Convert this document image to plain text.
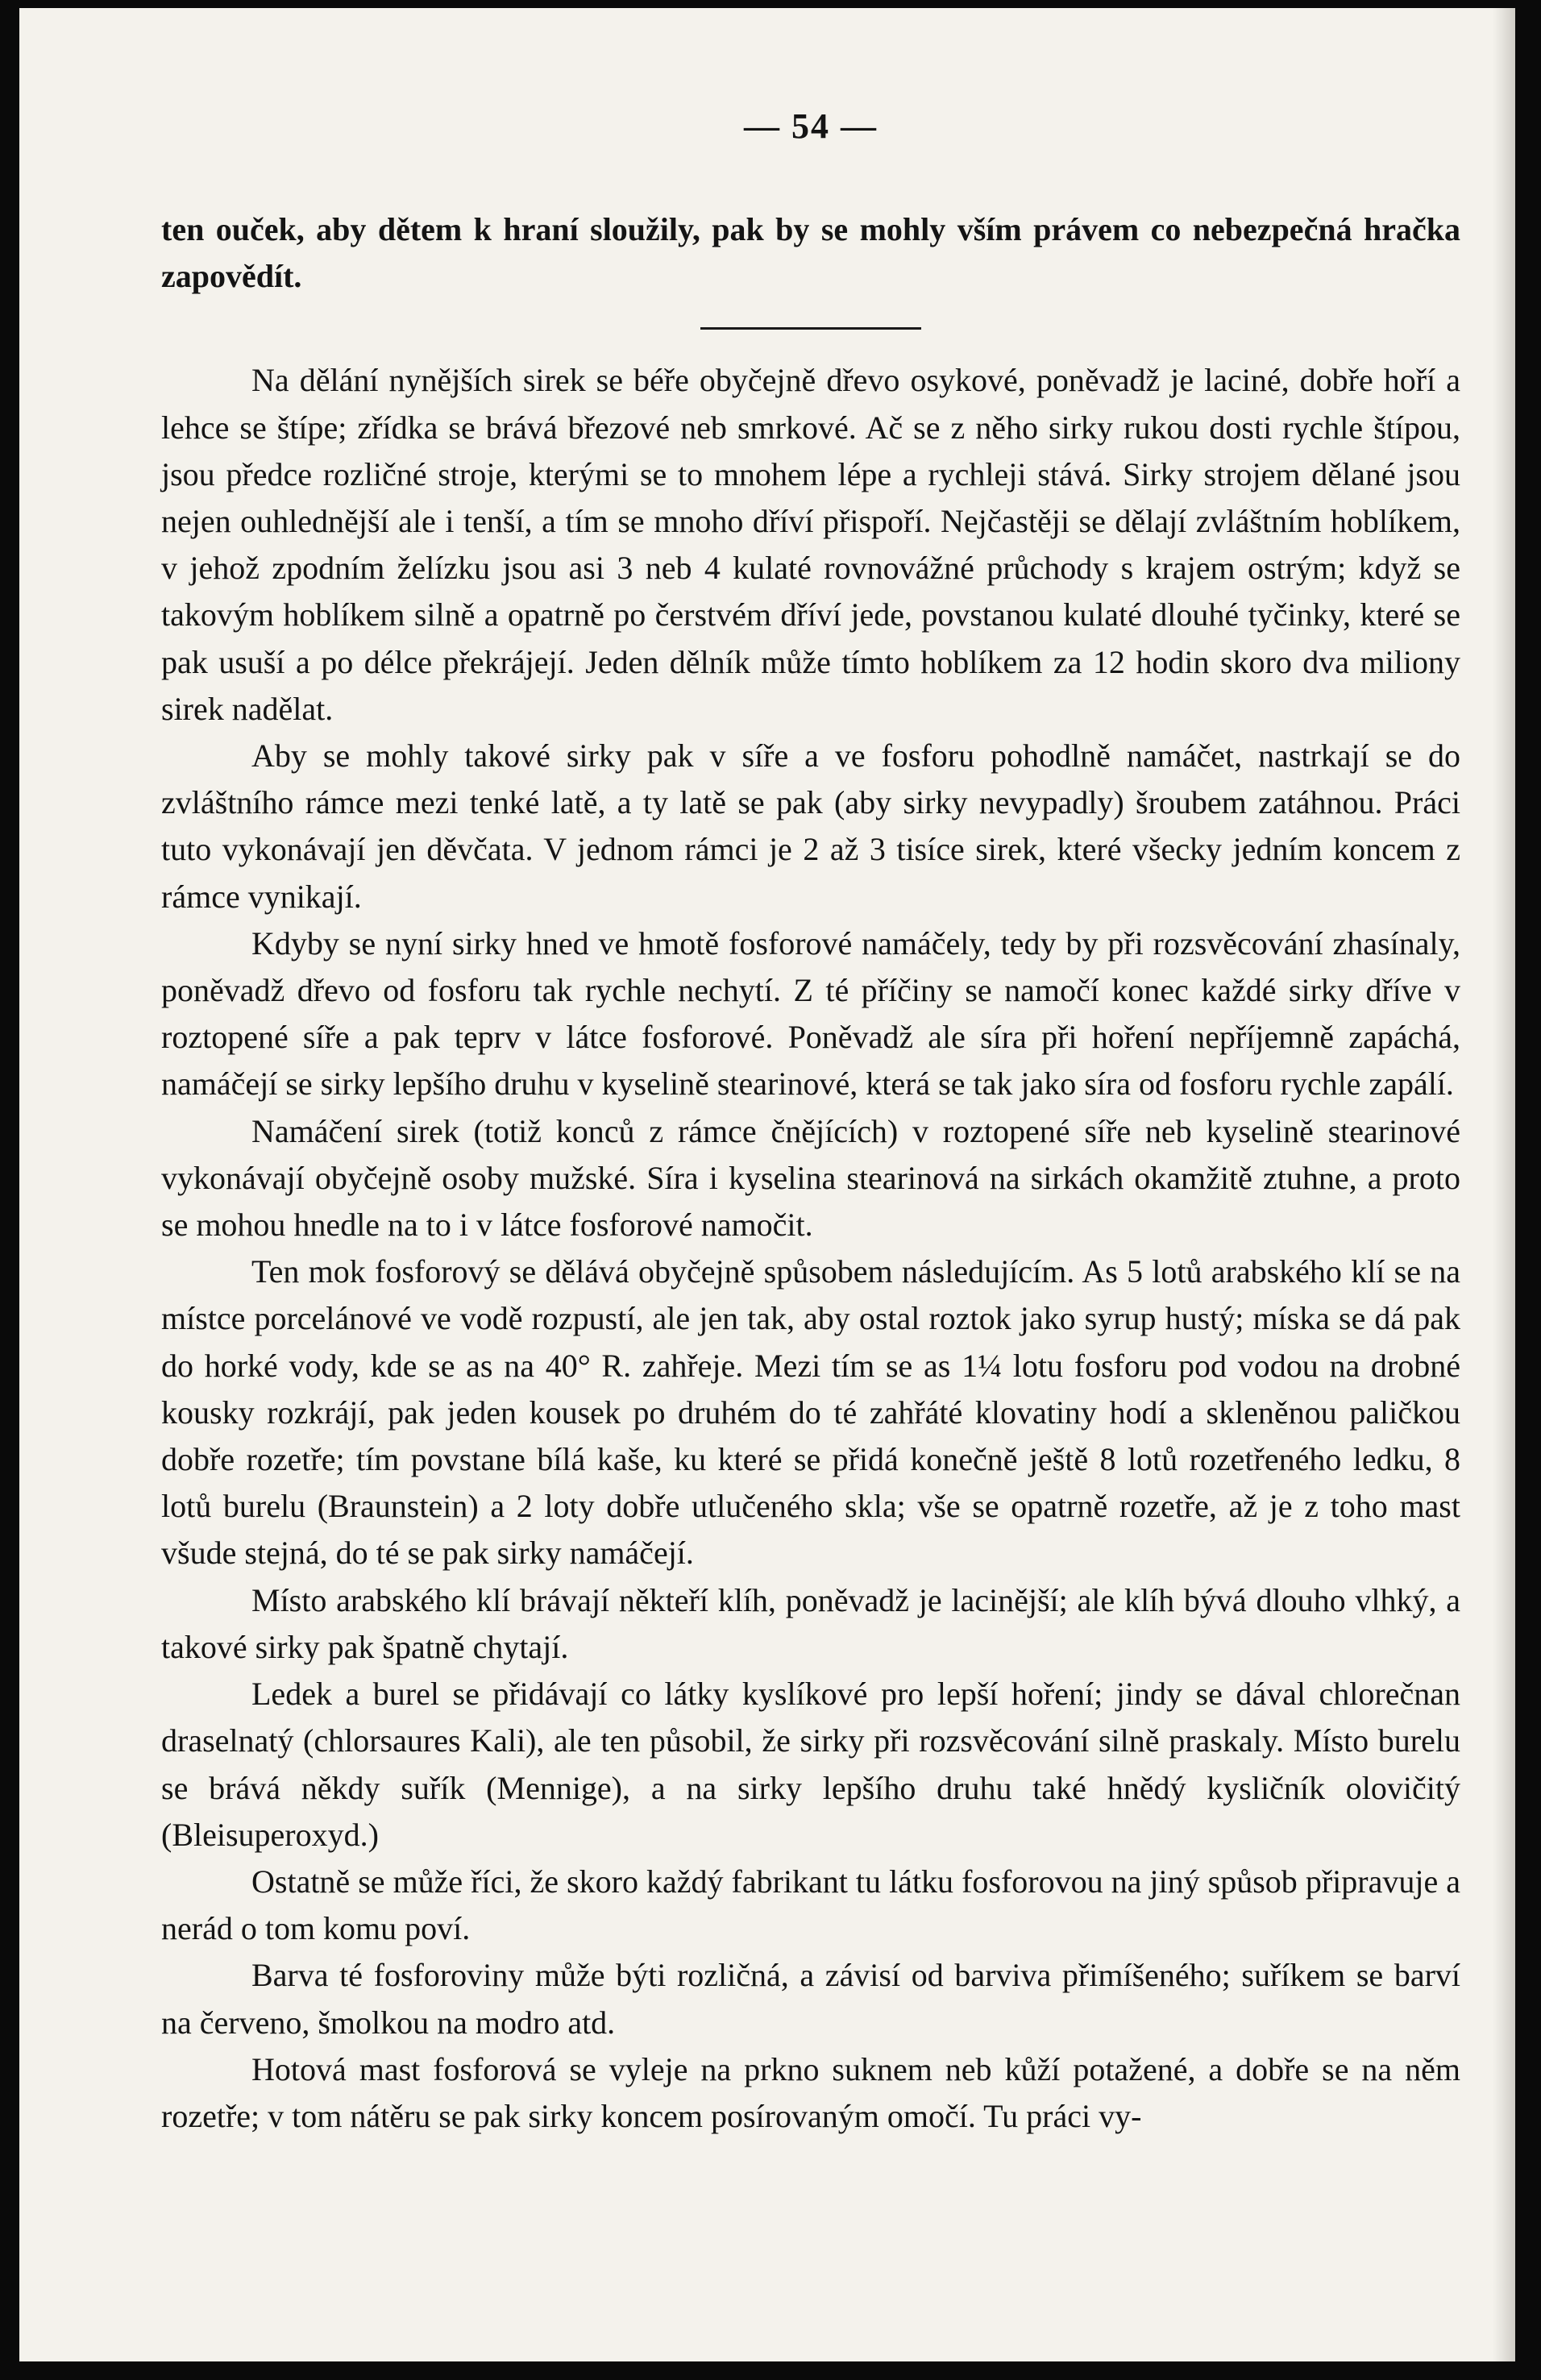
— 54 —

ten ouček, aby dětem k hraní sloužily, pak by se mohly vším právem co nebezpečná hračka zapovědít.

Na dělání nynějších sirek se béře obyčejně dřevo osykové, poněvadž je laciné, dobře hoří a lehce se štípe; zřídka se brává březové neb smrkové. Ač se z něho sirky rukou dosti rychle štípou, jsou předce rozličné stroje, kterými se to mnohem lépe a rychleji stává. Sirky strojem dělané jsou nejen ouhlednější ale i tenší, a tím se mnoho dříví přispoří. Nejčastěji se dělají zvláštním hoblíkem, v jehož zpodním želízku jsou asi 3 neb 4 kulaté rovnovážné průchody s krajem ostrým; když se takovým hoblíkem silně a opatrně po čerstvém dříví jede, povstanou kulaté dlouhé tyčinky, které se pak usuší a po délce překrájejí. Jeden dělník může tímto hoblíkem za 12 hodin skoro dva miliony sirek nadělat.

Aby se mohly takové sirky pak v síře a ve fosforu pohodlně namáčet, nastrkají se do zvláštního rámce mezi tenké latě, a ty latě se pak (aby sirky nevypadly) šroubem zatáhnou. Práci tuto vykonávají jen děvčata. V jednom rámci je 2 až 3 tisíce sirek, které všecky jedním koncem z rámce vynikají.

Kdyby se nyní sirky hned ve hmotě fosforové namáčely, tedy by při rozsvěcování zhasínaly, poněvadž dřevo od fosforu tak rychle nechytí. Z té příčiny se namočí konec každé sirky dříve v roztopené síře a pak teprv v látce fosforové. Poněvadž ale síra při hoření nepříjemně zapáchá, namáčejí se sirky lepšího druhu v kyselině stearinové, která se tak jako síra od fosforu rychle zapálí.

Namáčení sirek (totiž konců z rámce čnějících) v roztopené síře neb kyselině stearinové vykonávají obyčejně osoby mužské. Síra i kyselina stearinová na sirkách okamžitě ztuhne, a proto se mohou hnedle na to i v látce fosforové namočit.

Ten mok fosforový se dělává obyčejně spůsobem následujícím. As 5 lotů arabského klí se na místce porcelánové ve vodě rozpustí, ale jen tak, aby ostal roztok jako syrup hustý; míska se dá pak do horké vody, kde se as na 40° R. zahřeje. Mezi tím se as 1¼ lotu fosforu pod vodou na drobné kousky rozkrájí, pak jeden kousek po druhém do té zahřáté klovatiny hodí a skleněnou paličkou dobře rozetře; tím povstane bílá kaše, ku které se přidá konečně ještě 8 lotů rozetřeného ledku, 8 lotů burelu (Braunstein) a 2 loty dobře utlučeného skla; vše se opatrně rozetře, až je z toho mast všude stejná, do té se pak sirky namáčejí.

Místo arabského klí brávají někteří klíh, poněvadž je lacinější; ale klíh bývá dlouho vlhký, a takové sirky pak špatně chytají.

Ledek a burel se přidávají co látky kyslíkové pro lepší hoření; jindy se dával chlorečnan draselnatý (chlorsaures Kali), ale ten působil, že sirky při rozsvěcování silně praskaly. Místo burelu se brává někdy suřík (Mennige), a na sirky lepšího druhu také hnědý kysličník olovičitý (Bleisuperoxyd.)

Ostatně se může říci, že skoro každý fabrikant tu látku fosforovou na jiný spůsob připravuje a nerád o tom komu poví.

Barva té fosforoviny může býti rozličná, a závisí od barviva přimíšeného; suříkem se barví na červeno, šmolkou na modro atd.

Hotová mast fosforová se vyleje na prkno suknem neb kůží potažené, a dobře se na něm rozetře; v tom nátěru se pak sirky koncem posírovaným omočí. Tu práci vy-
